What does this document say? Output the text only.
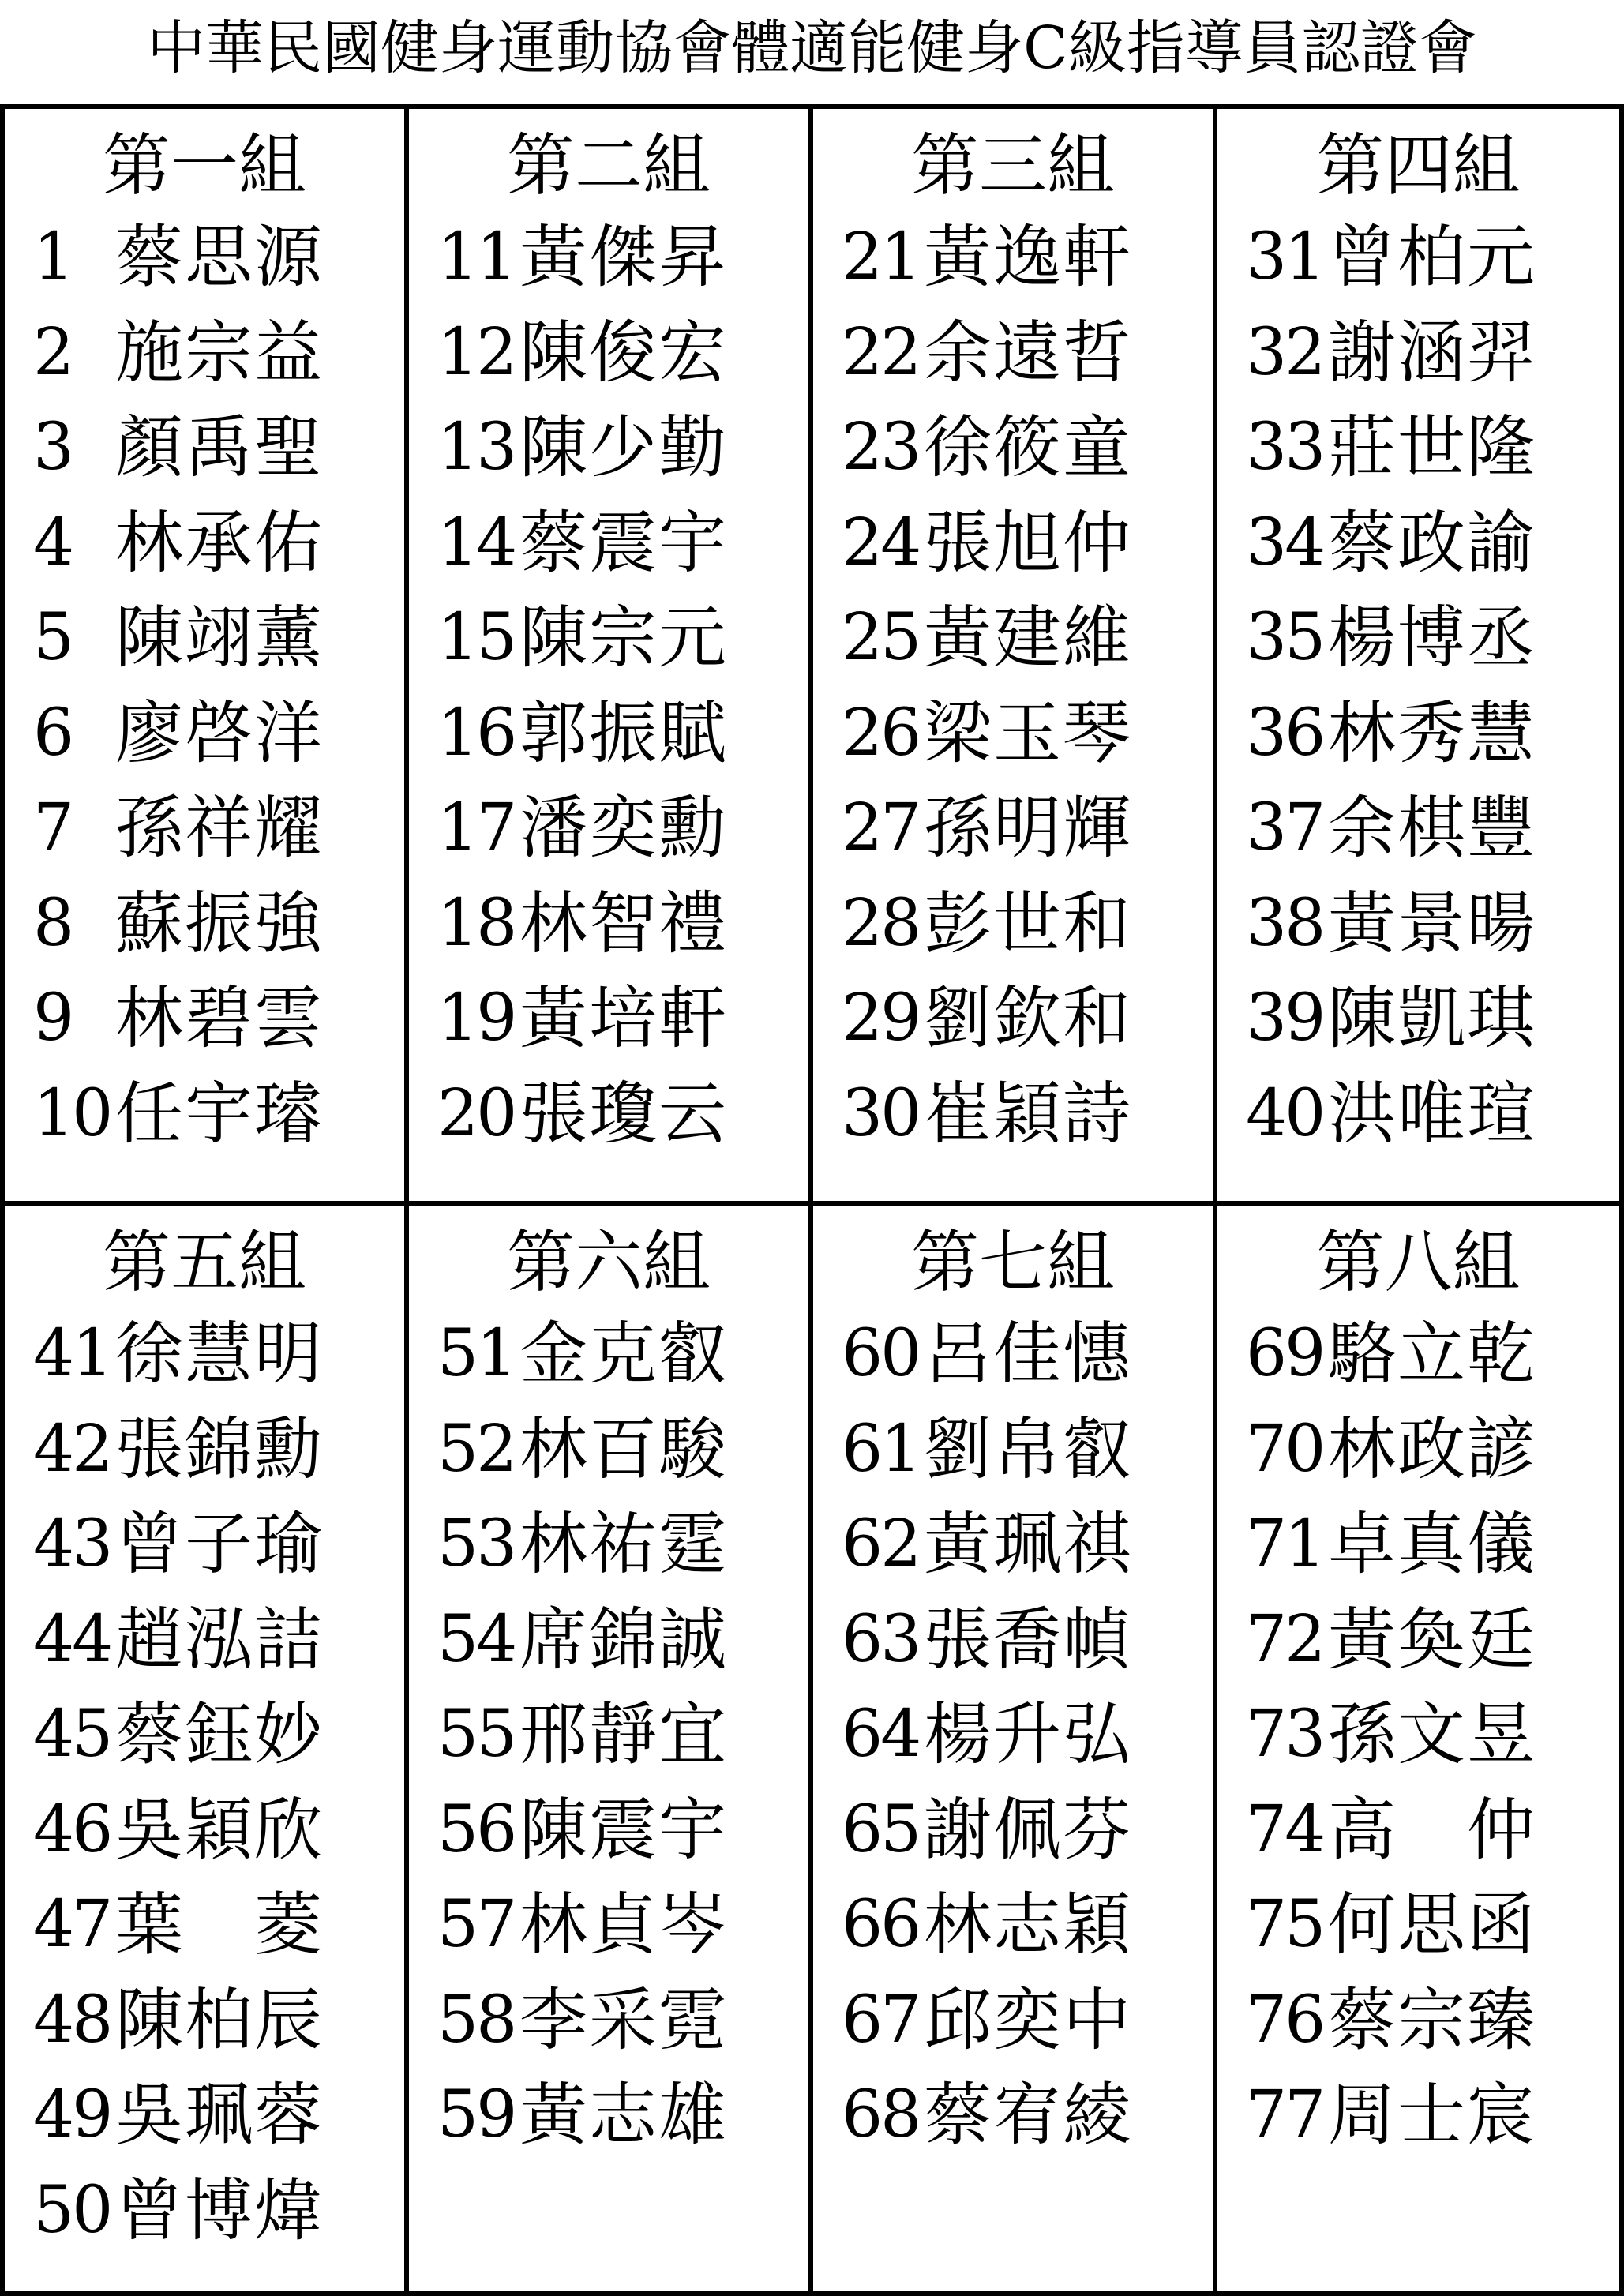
中華民國健身運動協會體適能健身C級指導員認證會
第一組
1 蔡思源
2 施宗益
3 顏禹聖
4 林承佑
5 陳翊薰
6 廖啓洋
7 孫祥耀
8 蘇振強
9 林碧雲
10 任宇璿
第二組
11 黃傑昇
12 陳俊宏
13 陳少勤
14 蔡震宇
15 陳宗元
16 郭振賦
17 潘奕勳
18 林智禮
19 黃培軒
20 張瓊云
第三組
21 黃逸軒
22 余遠哲
23 徐筱童
24 張旭仲
25 黃建維
26 梁玉琴
27 孫明輝
28 彭世和
29 劉欽和
30 崔穎詩
第四組
31 曾柏元
32 謝涵羿
33 莊世隆
34 蔡政諭
35 楊博丞
36 林秀慧
37 余棋豐
38 黃景暘
39 陳凱琪
40 洪唯瑄
第五組
41 徐慧明
42 張錦勳
43 曾子瑜
44 趙泓詰
45 蔡鈺妙
46 吳穎欣
47 葉　菱
48 陳柏辰
49 吳珮蓉
50 曾博煒
第六組
51 金克叡
52 林百駿
53 林祐霆
54 席錦誠
55 邢靜宜
56 陳震宇
57 林貞岑
58 李采霓
59 黃志雄
第七組
60 呂佳憓
61 劉帛叡
62 黃珮祺
63 張喬幀
64 楊升弘
65 謝佩芬
66 林志穎
67 邱奕中
68 蔡宥綾
第八組
69 駱立乾
70 林政諺
71 卓真儀
72 黃奐廷
73 孫文昱
74 高　仲
75 何思函
76 蔡宗臻
77 周士宸
